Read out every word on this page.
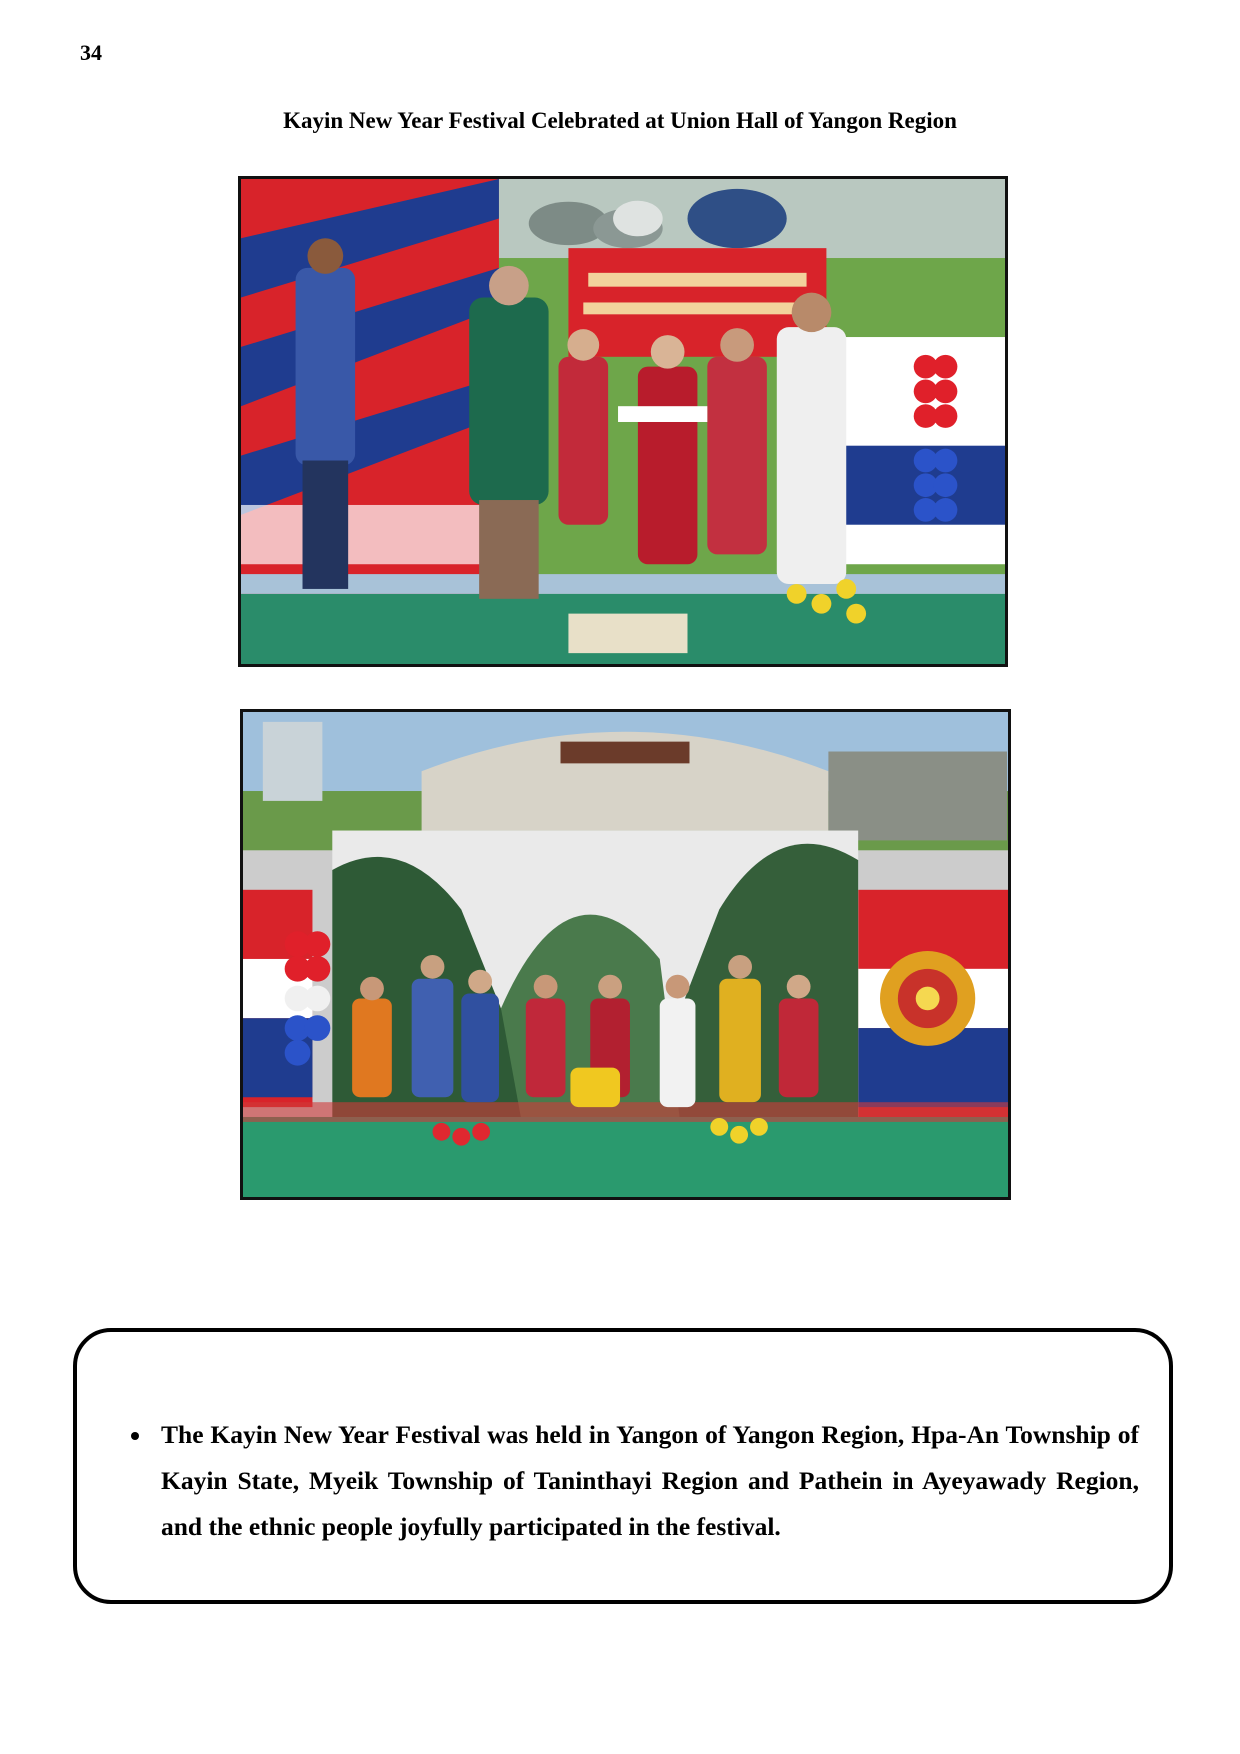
34
Kayin New Year Festival Celebrated at Union Hall of Yangon Region
The Kayin New Year Festival was held in Yangon of Yangon Region, Hpa-An Township of Kayin State, Myeik Township of Taninthayi Region and Pathein in Ayeyawady Region, and the ethnic people joyfully participated in the festival.
